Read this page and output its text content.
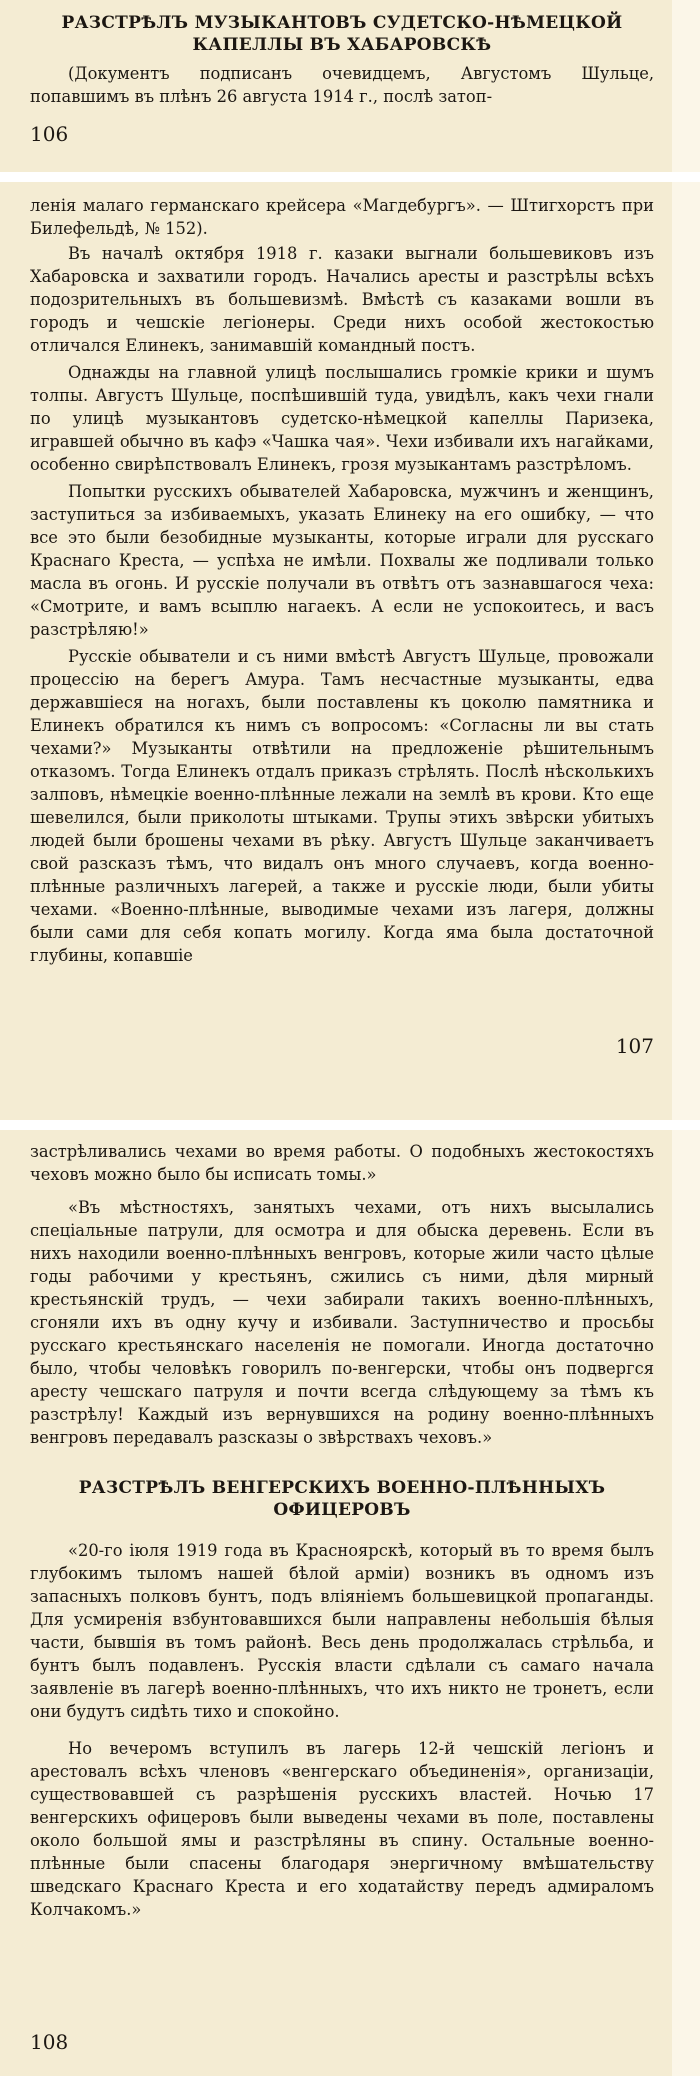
РАЗСТРѢЛЪ МУЗЫКАНТОВЪ СУДЕТСКО-НѢМЕЦКОЙ КАПЕЛЛЫ ВЪ ХАБАРОВСКѢ

(Документъ подписанъ очевидцемъ, Августомъ Шульце, попавшимъ въ плѣнъ 26 августа 1914 г., послѣ затоп-

106

ленія малаго германскаго крейсера «Магдебургъ». — Штигхорстъ при Билефельдѣ, № 152).

Въ началѣ октября 1918 г. казаки выгнали большевиковъ изъ Хабаровска и захватили городъ. Начались аресты и разстрѣлы всѣхъ подозрительныхъ въ большевизмѣ. Вмѣстѣ съ казаками вошли въ городъ и чешскіе легіонеры. Среди нихъ особой жестокостью отличался Елинекъ, занимавшій командный постъ.

Однажды на главной улицѣ послышались громкіе крики и шумъ толпы. Августъ Шульце, поспѣшившій туда, увидѣлъ, какъ чехи гнали по улицѣ музыкантовъ судетско-нѣмецкой капеллы Паризека, игравшей обычно въ кафэ «Чашка чая». Чехи избивали ихъ нагайками, особенно свирѣпствовалъ Елинекъ, грозя музыкантамъ разстрѣломъ.

Попытки русскихъ обывателей Хабаровска, мужчинъ и женщинъ, заступиться за избиваемыхъ, указать Елинеку на его ошибку, — что все это были безобидные музыканты, которые играли для русскаго Краснаго Креста, — успѣха не имѣли. Похвалы же подливали только масла въ огонь. И русскіе получали въ отвѣтъ отъ зазнавшагося чеха: «Смотрите, и вамъ всыплю нагаекъ. А если не успокоитесь, и васъ разстрѣляю!»

Русскіе обыватели и съ ними вмѣстѣ Августъ Шульце, провожали процессію на берегъ Амура. Тамъ несчастные музыканты, едва державшіеся на ногахъ, были поставлены къ цоколю памятника и Елинекъ обратился къ нимъ съ вопросомъ: «Согласны ли вы стать чехами?» Музыканты отвѣтили на предложеніе рѣшительнымъ отказомъ. Тогда Елинекъ отдалъ приказъ стрѣлять. Послѣ нѣсколькихъ залповъ, нѣмецкіе военно-плѣнные лежали на землѣ въ крови. Кто еще шевелился, были приколоты штыками. Трупы этихъ звѣрски убитыхъ людей были брошены чехами въ рѣку. Августъ Шульце заканчиваетъ свой разсказъ тѣмъ, что видалъ онъ много случаевъ, когда военно-плѣнные различныхъ лагерей, а также и русскіе люди, были убиты чехами. «Военно-плѣнные, выводимые чехами изъ лагеря, должны были сами для себя копать могилу. Когда яма была достаточной глубины, копавшіе

107

застрѣливались чехами во время работы. О подобныхъ жестокостяхъ чеховъ можно было бы исписать томы.»

«Въ мѣстностяхъ, занятыхъ чехами, отъ нихъ высылались спеціальные патрули, для осмотра и для обыска деревень. Если въ нихъ находили военно-плѣнныхъ венгровъ, которые жили часто цѣлые годы рабочими у крестьянъ, сжились съ ними, дѣля мирный крестьянскій трудъ, — чехи забирали такихъ военно-плѣнныхъ, сгоняли ихъ въ одну кучу и избивали. Заступничество и просьбы русскаго крестьянскаго населенія не помогали. Иногда достаточно было, чтобы человѣкъ говорилъ по-венгерски, чтобы онъ подвергся аресту чешскаго патруля и почти всегда слѣдующему за тѣмъ къ разстрѣлу! Каждый изъ вернувшихся на родину военно-плѣнныхъ венгровъ передавалъ разсказы о звѣрствахъ чеховъ.»

РАЗСТРѢЛЪ ВЕНГЕРСКИХЪ ВОЕННО-ПЛѢННЫХЪ ОФИЦЕРОВЪ

«20-го іюля 1919 года въ Красноярскѣ, который въ то время былъ глубокимъ тыломъ нашей бѣлой арміи) возникъ въ одномъ изъ запасныхъ полковъ бунтъ, подъ вліяніемъ большевицкой пропаганды. Для усмиренія взбунтовавшихся были направлены небольшія бѣлыя части, бывшія въ томъ районѣ. Весь день продолжалась стрѣльба, и бунтъ былъ подавленъ. Русскія власти сдѣлали съ самаго начала заявленіе въ лагерѣ военно-плѣнныхъ, что ихъ никто не тронетъ, если они будутъ сидѣть тихо и спокойно.

Но вечеромъ вступилъ въ лагерь 12-й чешскій легіонъ и арестовалъ всѣхъ членовъ «венгерскаго объединенія», организаціи, существовавшей съ разрѣшенія русскихъ властей. Ночью 17 венгерскихъ офицеровъ были выведены чехами въ поле, поставлены около большой ямы и разстрѣляны въ спину. Остальные военно-плѣнные были спасены благодаря энергичному вмѣшательству шведскаго Краснаго Креста и его ходатайству передъ адмираломъ Колчакомъ.»

108
